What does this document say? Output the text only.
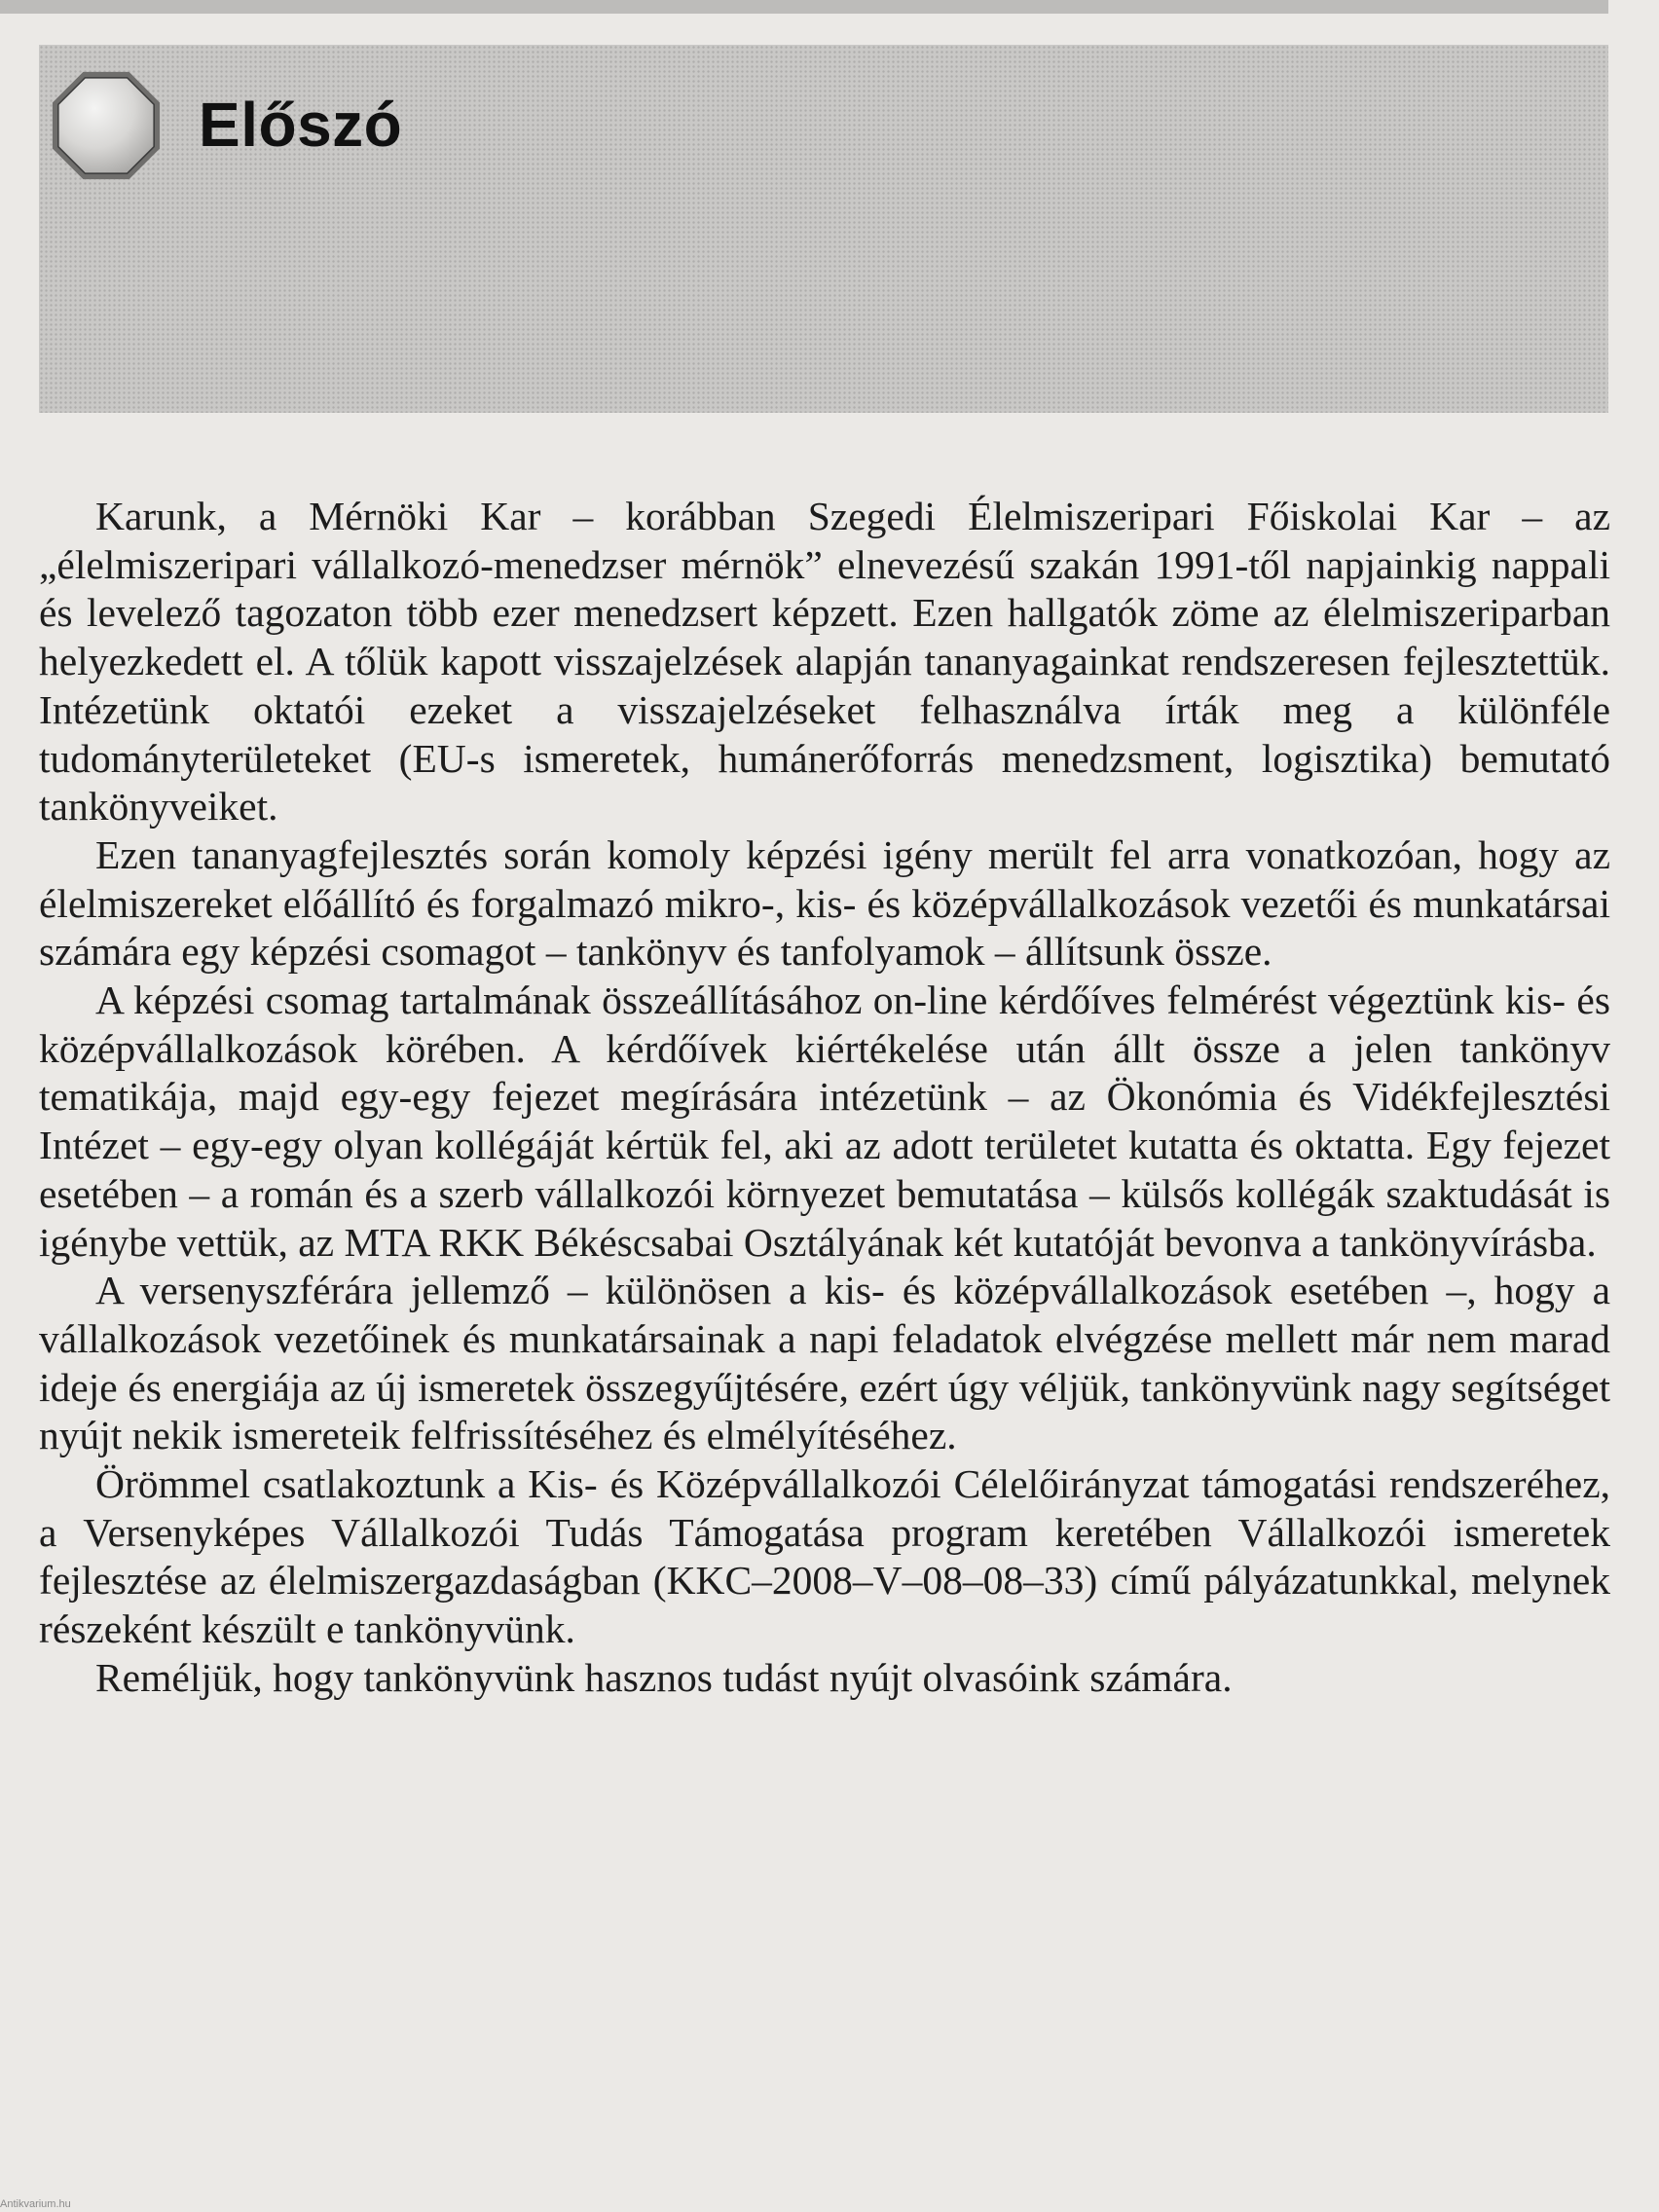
Előszó

Karunk, a Mérnöki Kar – korábban Szegedi Élelmiszeripari Főiskolai Kar – az „élelmiszeripari vállalkozó-menedzser mérnök” elnevezésű szakán 1991-től napjainkig nappali és levelező tagozaton több ezer menedzsert képzett. Ezen hallgatók zöme az élelmiszeriparban helyezkedett el. A tőlük kapott visszajelzések alapján tananyagainkat rendszeresen fejlesztettük. Intézetünk oktatói ezeket a visszajelzéseket felhasználva írták meg a különféle tudományterületeket (EU-s ismeretek, humánerőforrás menedzsment, logisztika) bemutató tankönyveiket.

Ezen tananyagfejlesztés során komoly képzési igény merült fel arra vonatkozóan, hogy az élelmiszereket előállító és forgalmazó mikro-, kis- és középvállalkozások vezetői és munkatársai számára egy képzési csomagot – tankönyv és tanfolyamok – állítsunk össze.

A képzési csomag tartalmának összeállításához on-line kérdőíves felmérést végeztünk kis- és középvállalkozások körében. A kérdőívek kiértékelése után állt össze a jelen tankönyv tematikája, majd egy-egy fejezet megírására intézetünk – az Ökonómia és Vidékfejlesztési Intézet – egy-egy olyan kollégáját kértük fel, aki az adott területet kutatta és oktatta. Egy fejezet esetében – a román és a szerb vállalkozói környezet bemutatása – külsős kollégák szaktudását is igénybe vettük, az MTA RKK Békéscsabai Osztályának két kutatóját bevonva a tankönyvírásba.

A versenyszférára jellemző – különösen a kis- és középvállalkozások esetében –, hogy a vállalkozások vezetőinek és munkatársainak a napi feladatok elvégzése mellett már nem marad ideje és energiája az új ismeretek összegyűjtésére, ezért úgy véljük, tankönyvünk nagy segítséget nyújt nekik ismereteik felfrissítéséhez és elmélyítéséhez.

Örömmel csatlakoztunk a Kis- és Középvállalkozói Célelőirányzat támogatási rendszeréhez, a Versenyképes Vállalkozói Tudás Támogatása program keretében Vállalkozói ismeretek fejlesztése az élelmiszergazdaságban (KKC–2008–V–08–08–33) című pályázatunkkal, melynek részeként készült e tankönyvünk.

Reméljük, hogy tankönyvünk hasznos tudást nyújt olvasóink számára.

Antikvarium.hu
